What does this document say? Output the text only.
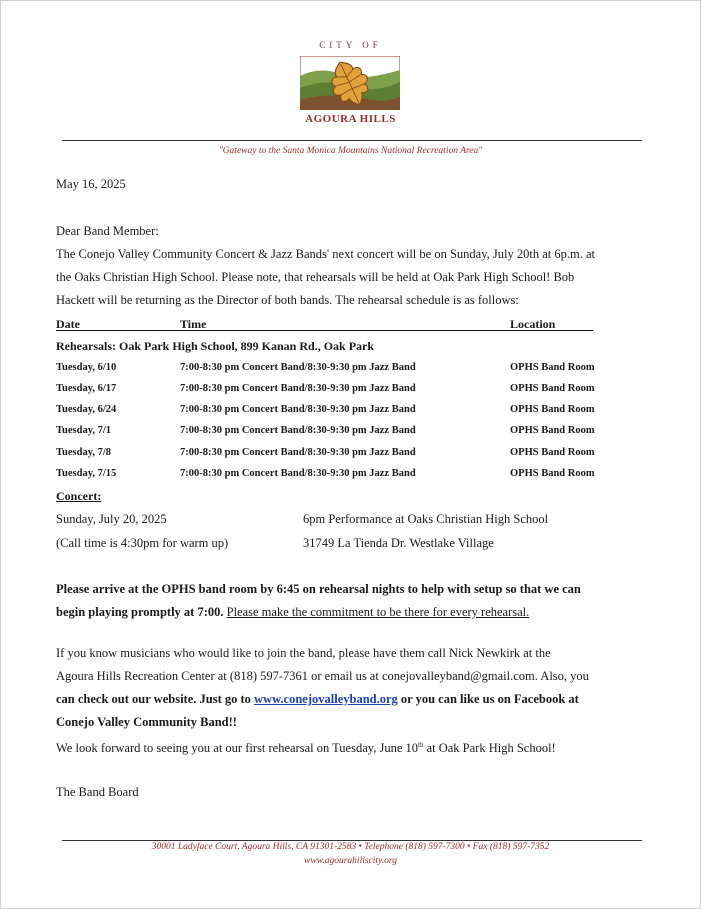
CITY OF
AGOURA HILLS
"Gateway to the Santa Monica Mountains National Recreation Area"
May 16, 2025
Dear Band Member:
The Conejo Valley Community Concert & Jazz Bands' next concert will be on Sunday, July 20th at 6p.m. at
the Oaks Christian High School. Please note, that rehearsals will be held at Oak Park High School! Bob
Hackett will be returning as the Director of both bands. The rehearsal schedule is as follows:
Date	Time	Location
Rehearsals: Oak Park High School, 899 Kanan Rd., Oak Park
Tuesday, 6/10	7:00-8:30 pm Concert Band/8:30-9:30 pm Jazz Band	OPHS Band Room
Tuesday, 6/17	7:00-8:30 pm Concert Band/8:30-9:30 pm Jazz Band	OPHS Band Room
Tuesday, 6/24	7:00-8:30 pm Concert Band/8:30-9:30 pm Jazz Band	OPHS Band Room
Tuesday, 7/1	7:00-8:30 pm Concert Band/8:30-9:30 pm Jazz Band	OPHS Band Room
Tuesday, 7/8	7:00-8:30 pm Concert Band/8:30-9:30 pm Jazz Band	OPHS Band Room
Tuesday, 7/15	7:00-8:30 pm Concert Band/8:30-9:30 pm Jazz Band	OPHS Band Room
Concert:
Sunday, July 20, 2025	6pm Performance at Oaks Christian High School
(Call time is 4:30pm for warm up)	31749 La Tienda Dr. Westlake Village
Please arrive at the OPHS band room by 6:45 on rehearsal nights to help with setup so that we can
begin playing promptly at 7:00. Please make the commitment to be there for every rehearsal.
If you know musicians who would like to join the band, please have them call Nick Newkirk at the
Agoura Hills Recreation Center at (818) 597-7361 or email us at conejovalleyband@gmail.com. Also, you
can check out our website. Just go to www.conejovalleyband.org or you can like us on Facebook at
Conejo Valley Community Band!!
We look forward to seeing you at our first rehearsal on Tuesday, June 10th at Oak Park High School!
The Band Board
30001 Ladyface Court, Agoura Hills, CA 91301-2583 • Telephone (818) 597-7300 • Fax (818) 597-7352
www.agourahillscity.org
